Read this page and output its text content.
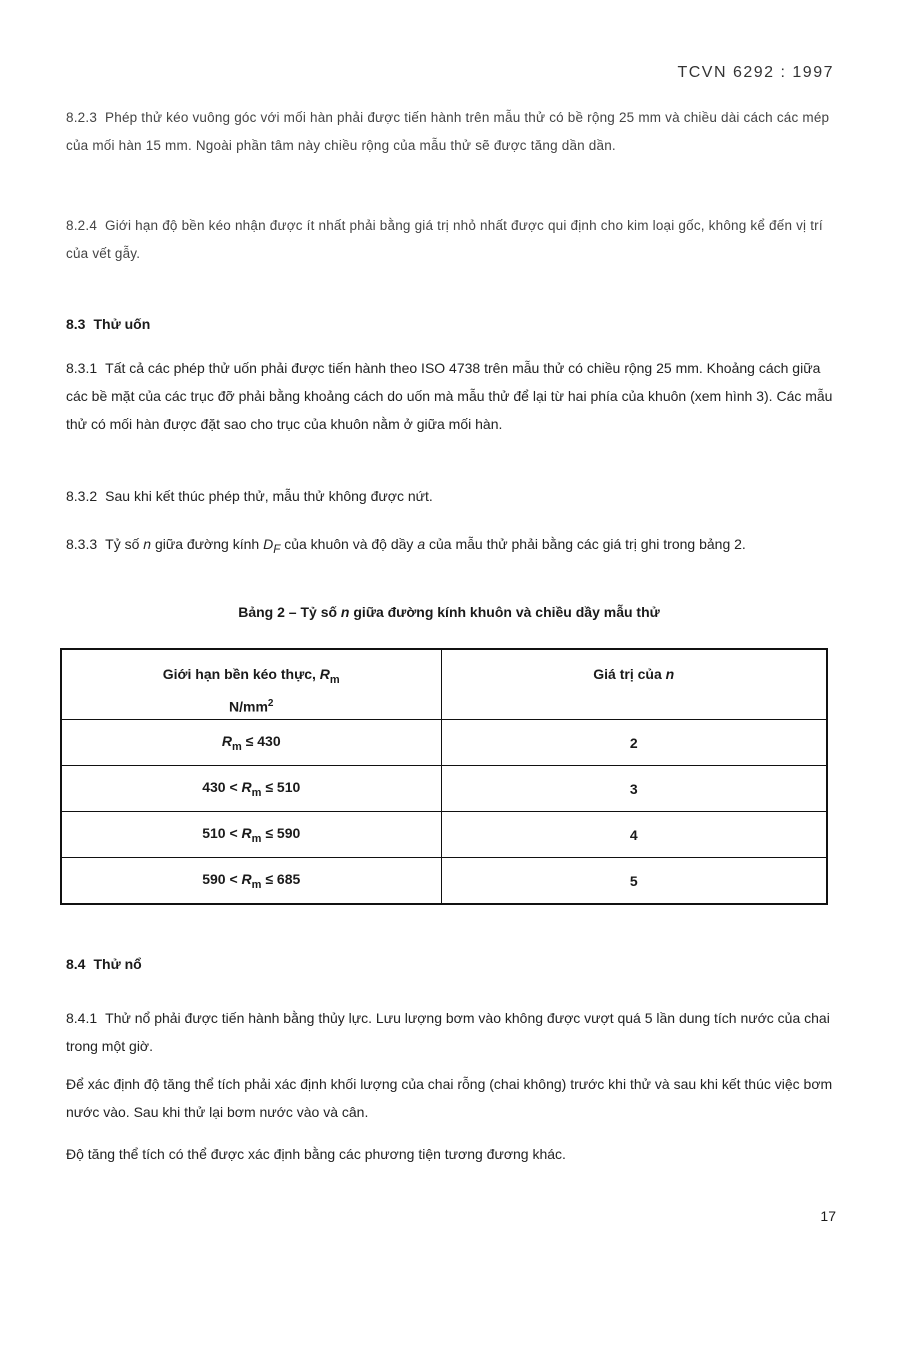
TCVN 6292 : 1997

8.2.3 Phép thử kéo vuông góc với mối hàn phải được tiến hành trên mẫu thử có bề rộng 25 mm và chiều dài cách các mép của mối hàn 15 mm. Ngoài phần tâm này chiều rộng của mẫu thử sẽ được tăng dần dần.

8.2.4 Giới hạn độ bền kéo nhận được ít nhất phải bằng giá trị nhỏ nhất được qui định cho kim loại gốc, không kể đến vị trí của vết gẫy.

8.3 Thử uốn

8.3.1 Tất cả các phép thử uốn phải được tiến hành theo ISO 4738 trên mẫu thử có chiều rộng 25 mm. Khoảng cách giữa các bề mặt của các trục đỡ phải bằng khoảng cách do uốn mà mẫu thử để lại từ hai phía của khuôn (xem hình 3). Các mẫu thử có mối hàn được đặt sao cho trục của khuôn nằm ở giữa mối hàn.

8.3.2 Sau khi kết thúc phép thử, mẫu thử không được nứt.

8.3.3 Tỷ số n giữa đường kính $D_F$ của khuôn và độ dầy a của mẫu thử phải bằng các giá trị ghi trong bảng 2.

Bảng 2 – Tỷ số n giữa đường kính khuôn và chiều dầy mẫu thử
Giới hạn bền kéo thực, $R_m$
$N/mm^2$	Giá trị của n
$R_m \le 430$	2
$430 < R_m \le 510$	3
$510 < R_m \le 590$	4
$590 < R_m \le 685$	5

8.4 Thử nổ

8.4.1 Thử nổ phải được tiến hành bằng thủy lực. Lưu lượng bơm vào không được vượt quá 5 lần dung tích nước của chai trong một giờ.

Để xác định độ tăng thể tích phải xác định khối lượng của chai rỗng (chai không) trước khi thử và sau khi kết thúc việc bơm nước vào. Sau khi thử lại bơm nước vào và cân.

Độ tăng thể tích có thể được xác định bằng các phương tiện tương đương khác.

17
